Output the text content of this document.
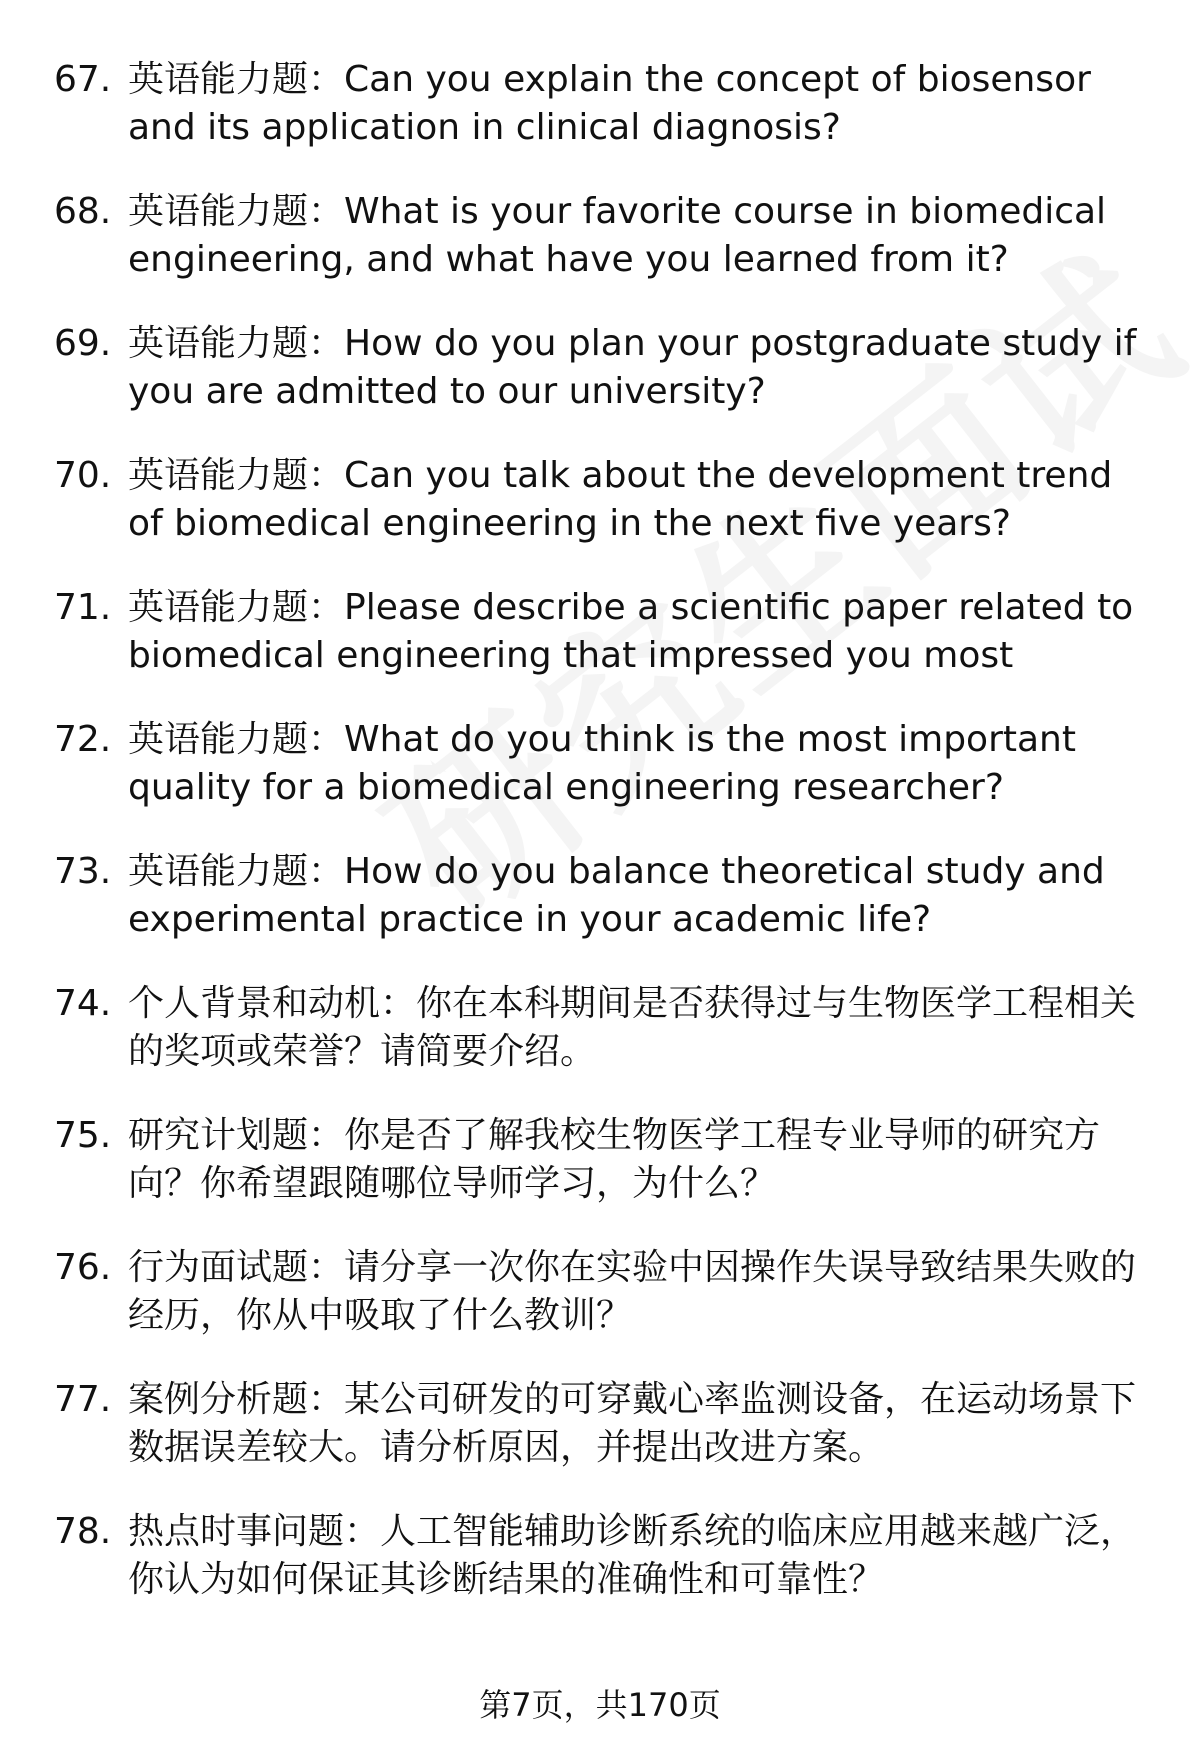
67. 英语能力题：Can you explain the concept of biosensor and its application in clinical diagnosis?
68. 英语能力题：What is your favorite course in biomedical engineering, and what have you learned from it?
69. 英语能力题：How do you plan your postgraduate study if you are admitted to our university?
70. 英语能力题：Can you talk about the development trend of biomedical engineering in the next five years?
71. 英语能力题：Please describe a scientific paper related to biomedical engineering that impressed you most
72. 英语能力题：What do you think is the most important quality for a biomedical engineering researcher?
73. 英语能力题：How do you balance theoretical study and experimental practice in your academic life?
74. 个人背景和动机：你在本科期间是否获得过与生物医学工程相关的奖项或荣誉？请简要介绍。
75. 研究计划题：你是否了解我校生物医学工程专业导师的研究方向？你希望跟随哪位导师学习，为什么？
76. 行为面试题：请分享一次你在实验中因操作失误导致结果失败的经历，你从中吸取了什么教训？
77. 案例分析题：某公司研发的可穿戴心率监测设备，在运动场景下数据误差较大。请分析原因，并提出改进方案。
78. 热点时事问题：人工智能辅助诊断系统的临床应用越来越广泛，你认为如何保证其诊断结果的准确性和可靠性？
第7页，共170页
